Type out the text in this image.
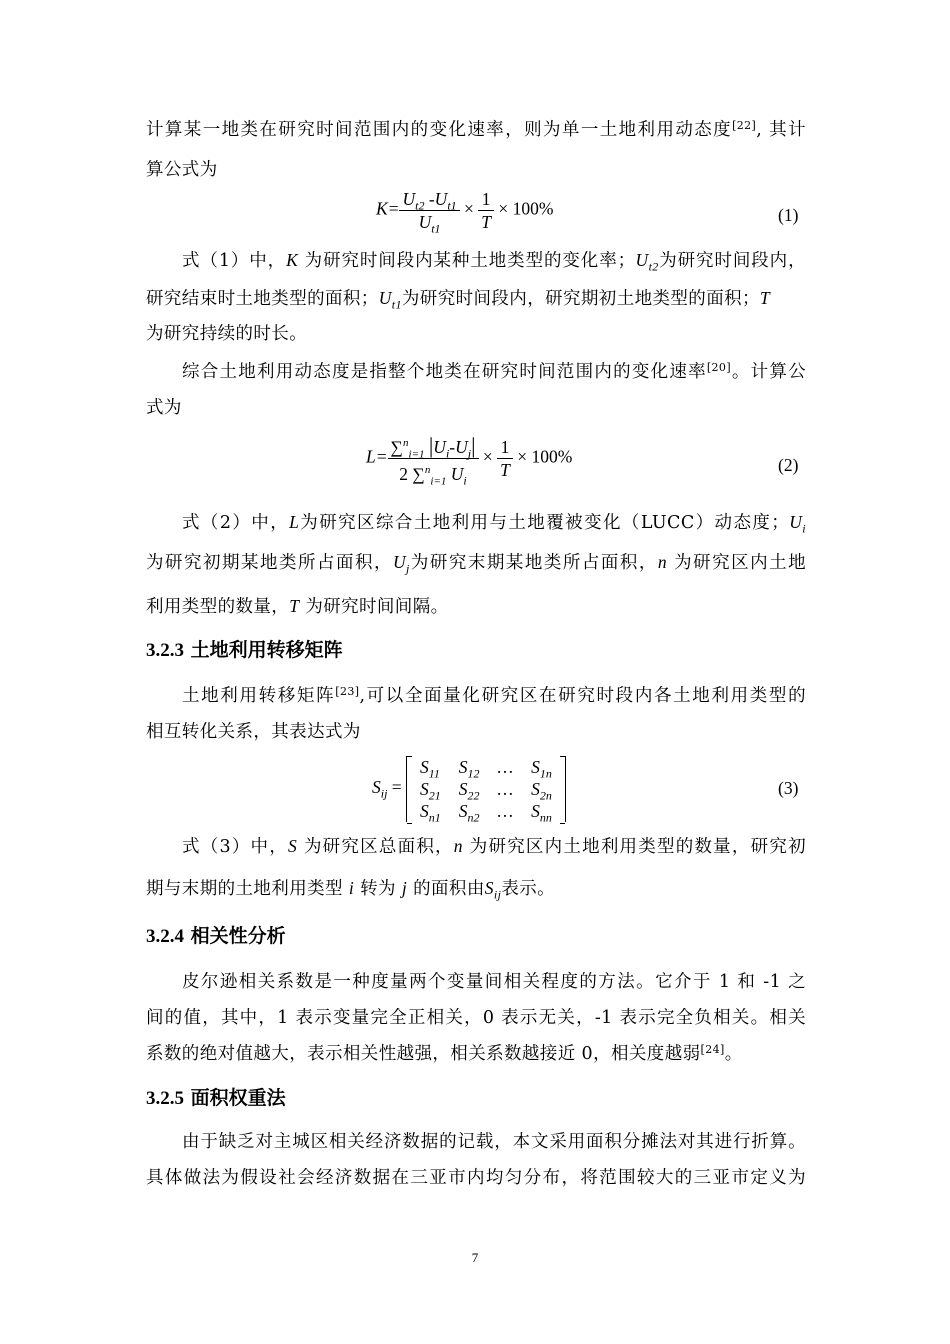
计算某一地类在研究时间范围内的变化速率，则为单一土地利用动态度[22], 其计
算公式为
$K= \frac{U_{t2} -U_{t1}}{U_{t1}} \times \frac{1}{T} \times 100\%$	(1)
式（1）中，K 为研究时间段内某种土地类型的变化率；$U_{t2}$为研究时间段内，
研究结束时土地类型的面积；$U_{t1}$为研究时间段内，研究期初土地类型的面积；T
为研究持续的时长。
综合土地利用动态度是指整个地类在研究时间范围内的变化速率[20]。计算公
式为
$L= \frac{\sum^n_{i=1} |U_i-U_j|}{2 \sum^n_{i=1} U_i} \times \frac{1}{T} \times 100\%$	(2)
式（2）中，L为研究区综合土地利用与土地覆被变化（LUCC）动态度；$U_i$
为研究初期某地类所占面积，$U_j$为研究末期某地类所占面积，n 为研究区内土地
利用类型的数量，T 为研究时间间隔。
3.2.3 土地利用转移矩阵
土地利用转移矩阵[23],可以全面量化研究区在研究时段内各土地利用类型的
相互转化关系，其表达式为
$S_{ij}$ =
$S_{11}$	$S_{12}$	…	$S_{1n}$
$S_{21}$	$S_{22}$	…	$S_{2n}$
$S_{n1}$	$S_{n2}$	…	$S_{nn}$
(3)
式（3）中，S 为研究区总面积，n 为研究区内土地利用类型的数量，研究初
期与末期的土地利用类型 i 转为 j 的面积由$S_{ij}$表示。
3.2.4 相关性分析
皮尔逊相关系数是一种度量两个变量间相关程度的方法。它介于 1 和 -1 之
间的值，其中，1 表示变量完全正相关，0 表示无关，-1 表示完全负相关。相关
系数的绝对值越大，表示相关性越强，相关系数越接近 0，相关度越弱[24]。
3.2.5 面积权重法
由于缺乏对主城区相关经济数据的记载，本文采用面积分摊法对其进行折算。
具体做法为假设社会经济数据在三亚市内均匀分布，将范围较大的三亚市定义为
7
